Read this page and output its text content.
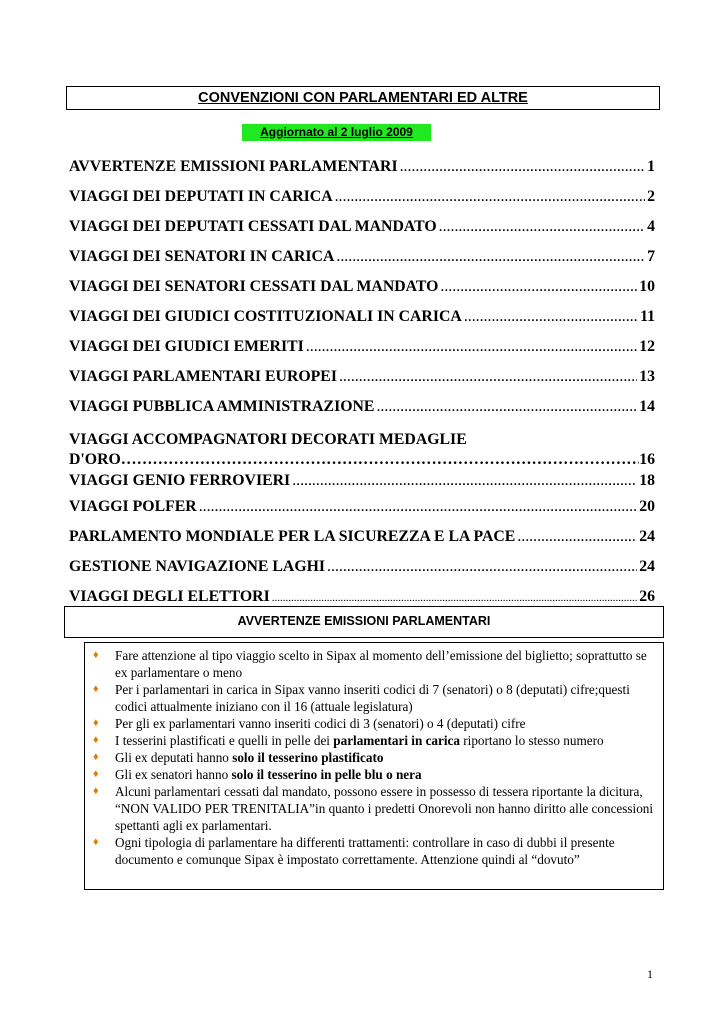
CONVENZIONI CON PARLAMENTARI ED ALTRE
Aggiornato al 2 luglio 2009
AVVERTENZE EMISSIONI PARLAMENTARI .....	1
VIAGGI DEI DEPUTATI IN CARICA .....	2
VIAGGI DEI DEPUTATI CESSATI DAL MANDATO .....	4
VIAGGI DEI SENATORI IN CARICA .....	7
VIAGGI DEI SENATORI CESSATI DAL MANDATO .....	10
VIAGGI DEI GIUDICI COSTITUZIONALI IN CARICA .....	11
VIAGGI DEI GIUDICI EMERITI .....	12
VIAGGI PARLAMENTARI EUROPEI .....	13
VIAGGI PUBBLICA AMMINISTRAZIONE .....	14
VIAGGI ACCOMPAGNATORI DECORATI MEDAGLIE
D'ORO ……………………………………………………………………………………………………………………	16
VIAGGI GENIO FERROVIERI .....	18
VIAGGI POLFER .....	20
PARLAMENTO MONDIALE PER LA SICUREZZA E LA PACE .....	24
GESTIONE NAVIGAZIONE LAGHI .....	24
VIAGGI DEGLI ELETTORI .....	26
AVVERTENZE EMISSIONI PARLAMENTARI
♦ Fare attenzione al tipo viaggio scelto in Sipax al momento dell’emissione del biglietto; soprattutto se ex parlamentare o meno
♦ Per i parlamentari in carica in Sipax vanno inseriti codici di 7 (senatori) o 8 (deputati) cifre;questi codici attualmente iniziano con il 16 (attuale legislatura)
♦ Per gli ex parlamentari vanno inseriti codici di 3 (senatori) o 4 (deputati) cifre
♦ I tesserini plastificati e quelli in pelle dei parlamentari in carica riportano lo stesso numero
♦ Gli ex deputati hanno solo il tesserino plastificato
♦ Gli ex senatori hanno solo il tesserino in pelle blu o nera
♦ Alcuni parlamentari cessati dal mandato, possono essere in possesso di tessera riportante la dicitura, “NON VALIDO PER TRENITALIA”in quanto i predetti Onorevoli non hanno diritto alle concessioni spettanti agli ex parlamentari.
♦ Ogni tipologia di parlamentare ha differenti trattamenti: controllare in caso di dubbi il presente documento e comunque Sipax è impostato correttamente. Attenzione quindi al “dovuto”
1
